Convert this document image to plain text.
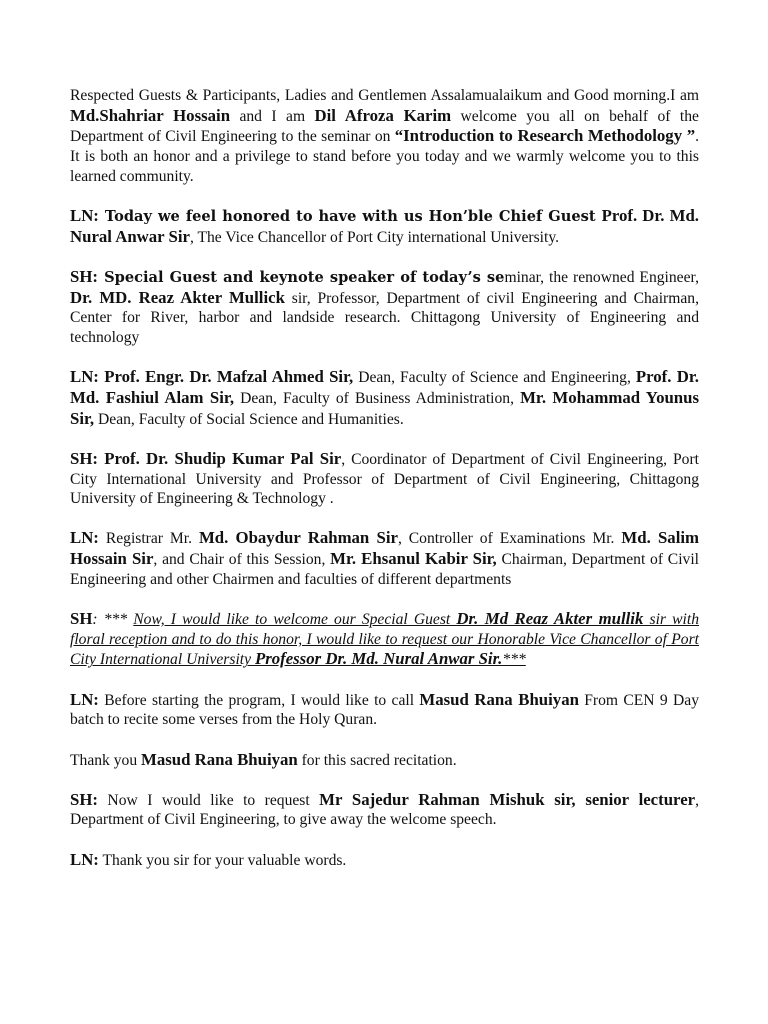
Respected Guests & Participants, Ladies and Gentlemen Assalamualaikum and Good morning.I am Md.Shahriar Hossain and I am Dil Afroza Karim welcome you all on behalf of the Department of Civil Engineering to the seminar on “Introduction to Research Methodology ”. It is both an honor and a privilege to stand before you today and we warmly welcome you to this learned community.

LN: Today we feel honored to have with us Hon’ble Chief Guest Prof. Dr. Md. Nural Anwar Sir, The Vice Chancellor of Port City international University.

SH: Special Guest and keynote speaker of today’s seminar, the renowned Engineer, Dr. MD. Reaz Akter Mullick sir, Professor, Department of civil Engineering and Chairman, Center for River, harbor and landside research. Chittagong University of Engineering and technology

LN: Prof. Engr. Dr. Mafzal Ahmed Sir, Dean, Faculty of Science and Engineering, Prof. Dr. Md. Fashiul Alam Sir, Dean, Faculty of Business Administration, Mr. Mohammad Younus Sir, Dean, Faculty of Social Science and Humanities.

SH: Prof. Dr. Shudip Kumar Pal Sir, Coordinator of Department of Civil Engineering, Port City International University and Professor of Department of Civil Engineering, Chittagong University of Engineering & Technology .

LN: Registrar Mr. Md. Obaydur Rahman Sir, Controller of Examinations Mr. Md. Salim Hossain Sir, and Chair of this Session, Mr. Ehsanul Kabir Sir, Chairman, Department of Civil Engineering and other Chairmen and faculties of different departments

SH: *** Now, I would like to welcome our Special Guest Dr. Md Reaz Akter mullik sir with floral reception and to do this honor, I would like to request our Honorable Vice Chancellor of Port City International University Professor Dr. Md. Nural Anwar Sir.***

LN: Before starting the program, I would like to call Masud Rana Bhuiyan From CEN 9 Day batch to recite some verses from the Holy Quran.

Thank you Masud Rana Bhuiyan for this sacred recitation.

SH: Now I would like to request Mr Sajedur Rahman Mishuk sir, senior lecturer, Department of Civil Engineering, to give away the welcome speech.

LN: Thank you sir for your valuable words.
